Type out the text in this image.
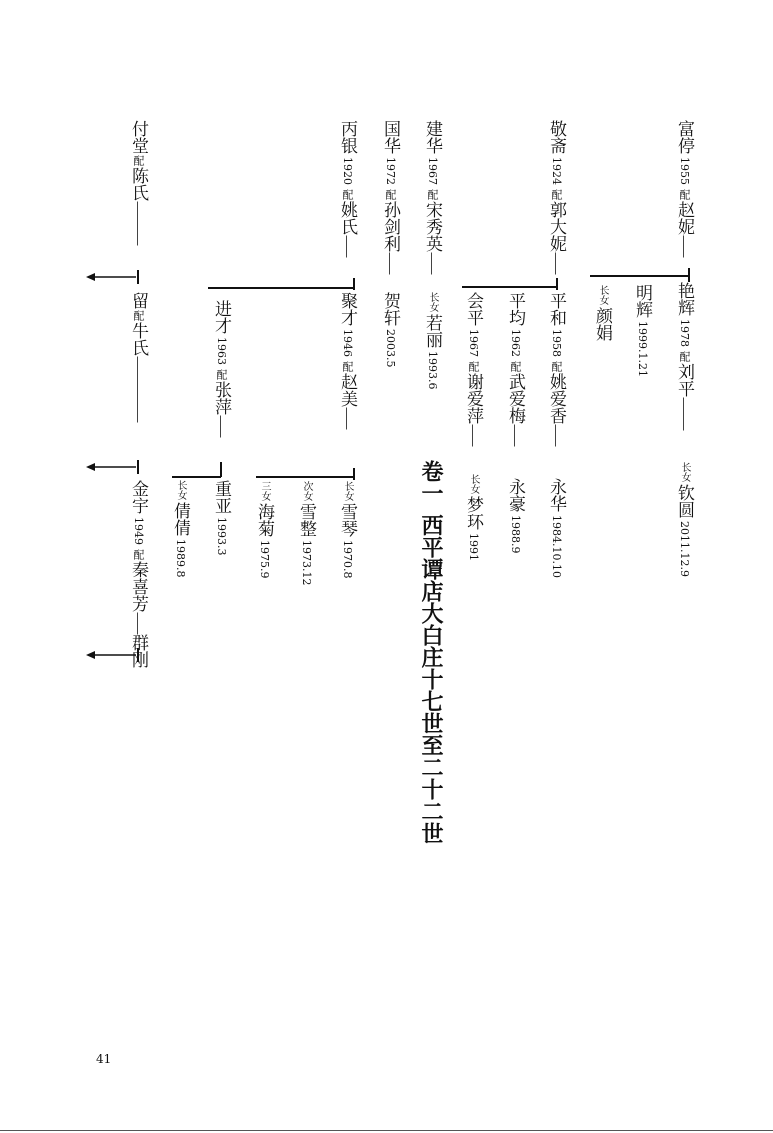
富停1955配赵妮——
艳辉1978配刘平———
长女钦圆2011.12.9
明辉1999.1.21
长女颜娟
敬斋1924配郭大妮——
平和1958配姚爱香——
永华1984.10.10
平均1962配武爱梅——
永豪1988.9
会平1967配谢爱萍——
长女梦环1991
建华1967配宋秀英——
长女若丽1993.6
国华1972配孙剑利——
贺轩2003.5
卷一西平谭店大白庄十七世至二十二世
丙银1920配姚氏——
聚才1946配赵美——
长女雪琴1970.8
次女雪整1973.12
三女海菊1975.9
进才1963配张萍——
重亚1993.3
长女倩倩1989.8
付堂配陈氏————
留配牛氏——————
金宇1949配秦喜芳——群刚
41
